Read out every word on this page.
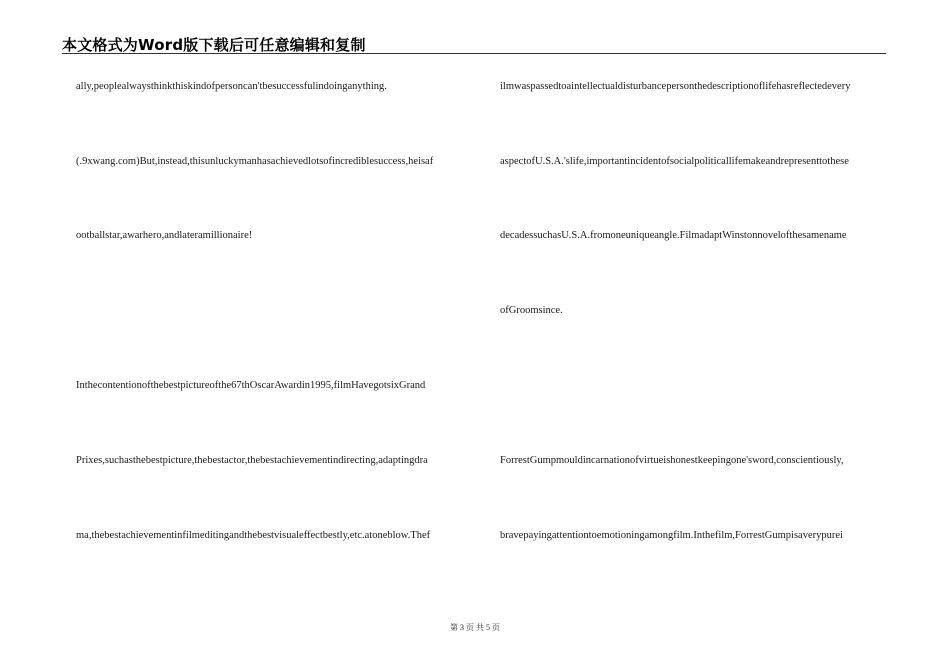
本文格式为Word版下载后可任意编辑和复制
ally,peoplealwaysthinkthiskindofpersoncan'tbesuccessfulindoinganything.
(.9xwang.com)But,instead,thisunluckymanhasachievedlotsofincrediblesuccess,heisaf
ootballstar,awarhero,andlateramillionaire!
Inthecontentionofthebestpictureofthe67thOscarAwardin1995,filmHavegotsixGrand
Prixes,suchasthebestpicture,thebestactor,thebestachievementindirecting,adaptingdra
ma,thebestachievementinfilmeditingandthebestvisualeffectbestly,etc.atoneblow.Thef
ilmwaspassedtoaintellectualdisturbancepersonthedescriptionoflifehasreflectedevery
aspectofU.S.A.'slife,importantincidentofsocialpoliticallifemakeandrepresenttothese
decadessuchasU.S.A.fromoneuniqueangle.FilmadaptWinstonnovelofthesamename
ofGroomsince.
ForrestGumpmouldincarnationofvirtueishonestkeepingone'sword,conscientiously,
bravepayingattentiontoemotioningamongfilm.Inthefilm,ForrestGumpisaverypurei
第 3 页 共 5 页
